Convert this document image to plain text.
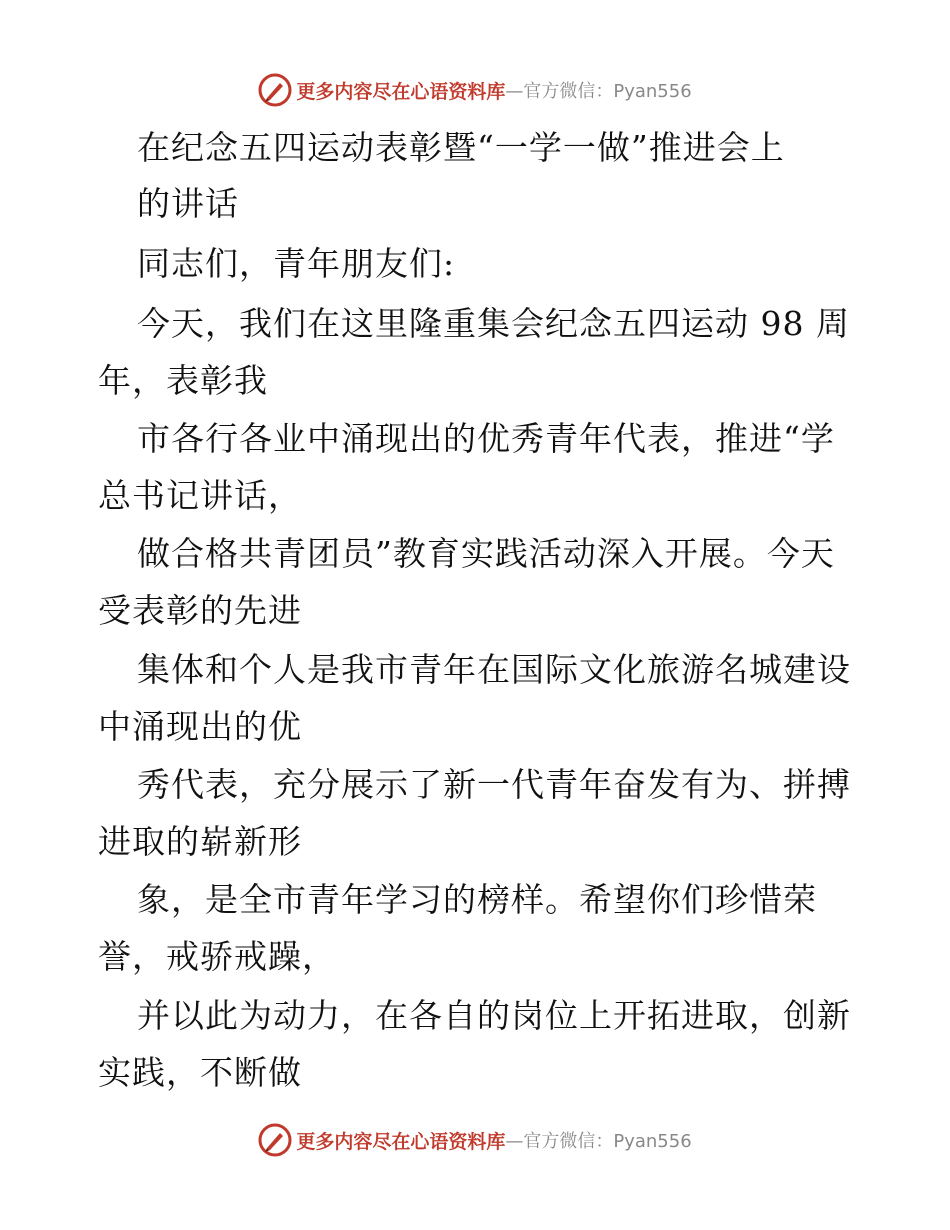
更多内容尽在心语资料库 —官方微信：Pyan556
在纪念五四运动表彰暨“一学一做”推进会上
的讲话
同志们，青年朋友们:
今天，我们在这里隆重集会纪念五四运动 98 周
年，表彰我
市各行各业中涌现出的优秀青年代表，推进“学
总书记讲话，
做合格共青团员”教育实践活动深入开展。今天
受表彰的先进
集体和个人是我市青年在国际文化旅游名城建设
中涌现出的优
秀代表，充分展示了新一代青年奋发有为、拼搏
进取的崭新形
象，是全市青年学习的榜样。希望你们珍惜荣
誉，戒骄戒躁，
并以此为动力，在各自的岗位上开拓进取，创新
实践，不断做
更多内容尽在心语资料库 —官方微信：Pyan556
